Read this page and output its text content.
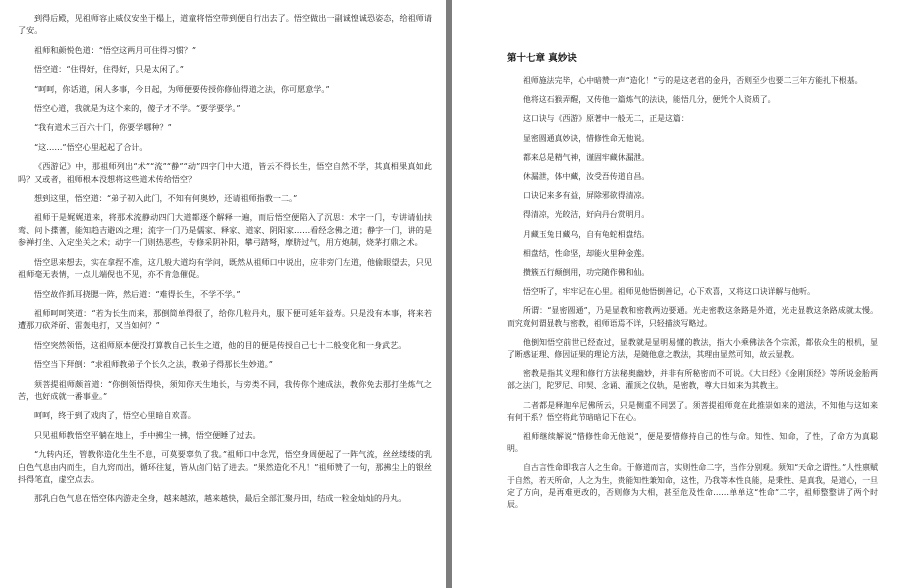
到得后殿，见祖师容止威仪安坐于榻上，道童将悟空带到便自行出去了。悟空做出一副诚惶诚恐姿态，给祖师请了安。

祖师和颜悦色道：“悟空这两月可住得习惯？”

悟空道：“住得好，住得好，只是太闲了。”

“呵呵，你话道，闲人多事，今日起，为师便要传授你修仙得道之法，你可愿意学。”

悟空心道，我就是为这个来的，傻子才不学。“要学要学。”

“我有道术三百六十门，你要学哪种？”

“这……”悟空心里起起了合计。

《西游记》中，那祖师列出“术”“流”“静”“动”四字门中大道，皆云不得长生，悟空自然不学，其真相果真如此吗？又或者，祖师根本没想将这些道术传给悟空？

想到这里，悟空道：“弟子初入此门，不知有何奥妙，还请祖师指教一二。”

祖师于是娓娓道来，将那术流静动四门大道都逐个解释一遍，而后悟空便陷入了沉思：术字一门，专讲请仙扶鸾、问卜揲蓍，能知趋吉避凶之理；流字一门乃是儒家、释家、道家、阴阳家……看经念佛之道；静字一门，讲的是参禅打坐、入定坐关之术；动字一门则热恶些，专修采阴补阳，攀弓踏弩，摩脐过气，用方炮制，烧茅打鼎之术。

悟空思来想去，实在拿捏不准，这几般大道均有学问，既然从祖师口中说出，应非旁门左道，他偷眼望去，只见祖师毫无表情，一点儿端倪也不见，亦不肯急催促。

悟空故作抓耳挠腮一阵，然后道：“难得长生，不学不学。”

祖师呵呵笑道：“若为长生而来，那倒简单得很了，给你几粒丹丸，服下便可延年益寿。只是没有本事，将来若遭那刀砍斧斫、雷轰电打，又当如何？”

悟空突然领悟，这祖师原本便没打算教自己长生之道，他的目的便是传授自己七十二般变化和一身武艺。

悟空当下拜倒：“求祖师教弟子个长久之法，教弟子得那长生妙道。”

须菩提祖师颇首道：“你倒领悟得快，须知你天生地长，与旁类不同，我传你个速成法，教你免去那打坐炼气之苦，也好成就一番事业。”

呵呵，终于到了戏肉了，悟空心里暗自欢喜。

只见祖师教悟空平躺在地上，手中拂尘一拂，悟空便睡了过去。

“九转内还，管教你造化生生不息，可莫要辜负了我。”祖师口中念咒，悟空身周便起了一阵气流，丝丝缕缕的乳白色气息由内而生，自九窍而出，循环往复，皆从卤门钻了进去。“果然造化不凡！”祖师赞了一句，那拂尘上的银丝抖得笔直，虚空点去。

那乳白色气息在悟空体内游走全身，越来越浓，越来越快，最后全部汇聚丹田，结成一粒金灿灿的丹丸。

第十七章 真妙诀

祖师施法完毕，心中暗赞一声“造化！”亏的是这老君的金丹，否则至少也要二三年方能扎下根基。

他将这石猴弄醒，又传他一篇炼气的法诀，能悟几分，便凭个人资质了。

这口诀与《西游》原著中一般无二，正是这篇：

显密圆通真妙诀，惜修性命无他说。

都来总是精气神，谨固牢藏休漏泄。

休漏泄，体中藏，汝受吾传道自昌。

口诀记来多有益，屏除邪欲得清凉。

得清凉，光皎洁，好向丹台赏明月。

月藏玉兔日藏乌，自有龟蛇相盘结。

相盘结，性命坚，却能火里种金莲。

攒簇五行颠倒用，功完随作佛和仙。

悟空听了，牢牢记在心里。祖师见他悟倒善记，心下欢喜，又将这口诀详解与他听。

所谓：“显密圆通”，乃是显教和密教两边要通。光走密教这条路是外道，光走显教这条路成就太慢。而究竟何谓显教与密教，祖师语焉不详，只轻描淡写略过。

他倒知悟空前世已经查过，显教就是显明易懂的教法，指大小乘佛法各个宗派，都依众生的根机，显了断惑证理、修因证果的理论方法，是随他意之教法，其理由显然可知，故云显教。

密教是指其义理和修行方法秘奥幽妙，并非有所秘密而不可说。《大日经》《金刚顶经》等所说金胎两部之法门，陀罗尼、印契、念诵、灌顶之仪轨，是密教，尊大日如来为其教主。

二者都是释迦牟尼佛所云，只是侧重不同罢了。须菩提祖师竟在此推崇如来的道法，不知他与这如来有何干系？悟空将此节暗暗记下在心。

祖师继续解说“惜修性命无他说”，便是要惜修持自己的性与命。知性、知命，了性，了命方为真聪明。

自古言性命即我言人之生命。于修道而言，实则性命二字，当作分别观。须知“天命之谓性。”人性禀赋于自然，若天所命，人之为生，贵能知性兼知命，这性，乃我等本性良能，是秉性、是真我，是道心，一旦定了方向，是再难更改的，否则修为大相，甚至危及性命……单单这“性命”二字，祖师整整讲了两个时辰。
